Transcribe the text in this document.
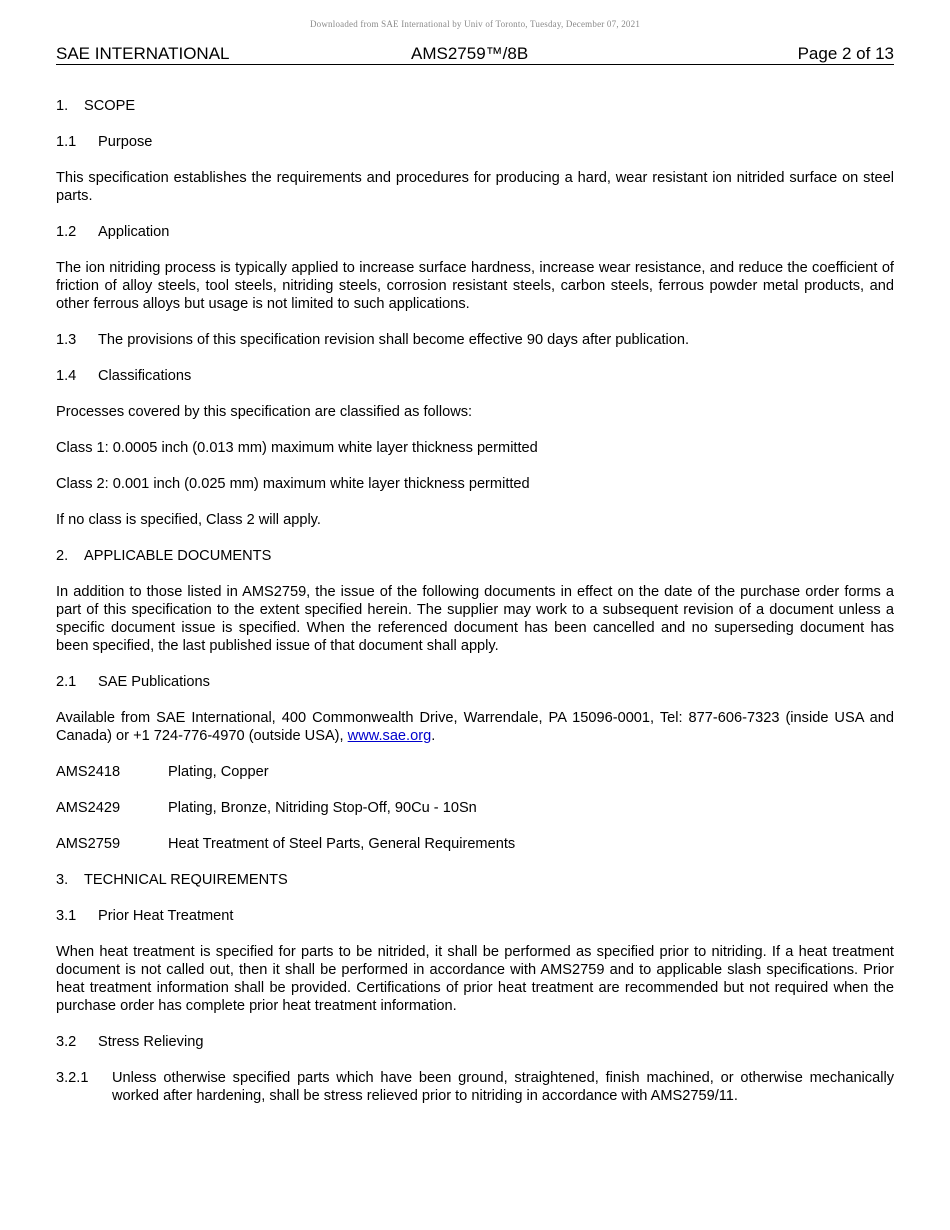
Downloaded from SAE International by Univ of Toronto, Tuesday, December 07, 2021
SAE INTERNATIONAL	AMS2759™/8B	Page 2 of 13
1. SCOPE
1.1 Purpose
This specification establishes the requirements and procedures for producing a hard, wear resistant ion nitrided surface on steel parts.
1.2 Application
The ion nitriding process is typically applied to increase surface hardness, increase wear resistance, and reduce the coefficient of friction of alloy steels, tool steels, nitriding steels, corrosion resistant steels, carbon steels, ferrous powder metal products, and other ferrous alloys but usage is not limited to such applications.
1.3 The provisions of this specification revision shall become effective 90 days after publication.
1.4 Classifications
Processes covered by this specification are classified as follows:
Class 1: 0.0005 inch (0.013 mm) maximum white layer thickness permitted
Class 2: 0.001 inch (0.025 mm) maximum white layer thickness permitted
If no class is specified, Class 2 will apply.
2. APPLICABLE DOCUMENTS
In addition to those listed in AMS2759, the issue of the following documents in effect on the date of the purchase order forms a part of this specification to the extent specified herein. The supplier may work to a subsequent revision of a document unless a specific document issue is specified. When the referenced document has been cancelled and no superseding document has been specified, the last published issue of that document shall apply.
2.1 SAE Publications
Available from SAE International, 400 Commonwealth Drive, Warrendale, PA 15096-0001, Tel: 877-606-7323 (inside USA and Canada) or +1 724-776-4970 (outside USA), www.sae.org.
AMS2418	Plating, Copper
AMS2429	Plating, Bronze, Nitriding Stop-Off, 90Cu - 10Sn
AMS2759	Heat Treatment of Steel Parts, General Requirements
3. TECHNICAL REQUIREMENTS
3.1 Prior Heat Treatment
When heat treatment is specified for parts to be nitrided, it shall be performed as specified prior to nitriding. If a heat treatment document is not called out, then it shall be performed in accordance with AMS2759 and to applicable slash specifications. Prior heat treatment information shall be provided. Certifications of prior heat treatment are recommended but not required when the purchase order has complete prior heat treatment information.
3.2 Stress Relieving
3.2.1	Unless otherwise specified parts which have been ground, straightened, finish machined, or otherwise mechanically worked after hardening, shall be stress relieved prior to nitriding in accordance with AMS2759/11.
